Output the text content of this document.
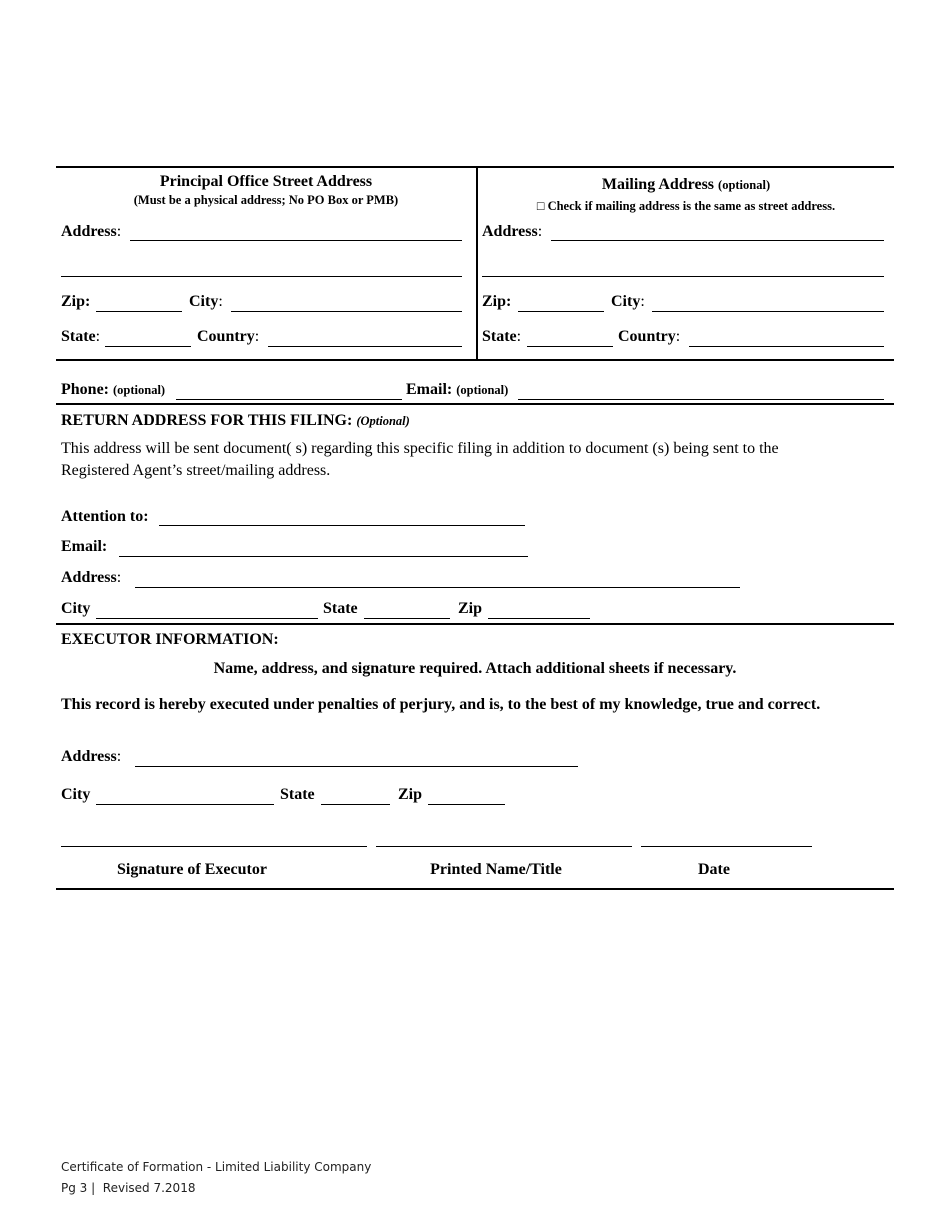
Principal Office Street Address
(Must be a physical address; No PO Box or PMB)
Address:
Zip:	City:
State:	Country:
Mailing Address (optional)
□ Check if mailing address is the same as street address.
Address:
Zip:	City:
State:	Country:
Phone: (optional)	Email: (optional)
RETURN ADDRESS FOR THIS FILING: (Optional)
This address will be sent document( s) regarding this specific filing in addition to document (s) being sent to the
Registered Agent’s street/mailing address.
Attention to:
Email:
Address:
City	State	Zip
EXECUTOR INFORMATION:
Name, address, and signature required. Attach additional sheets if necessary.
This record is hereby executed under penalties of perjury, and is, to the best of my knowledge, true and correct.
Address:
City	State	Zip
Signature of Executor	Printed Name/Title	Date
Certificate of Formation - Limited Liability Company
Pg 3 |  Revised 7.2018
